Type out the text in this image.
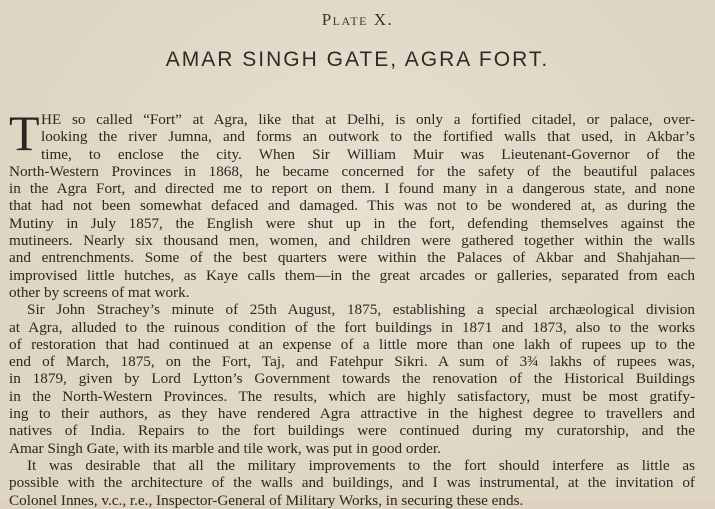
Plate X.
AMAR SINGH GATE, AGRA FORT.
T HE so called “Fort” at Agra, like that at Delhi, is only a fortified citadel, or palace, over-
looking the river Jumna, and forms an outwork to the fortified walls that used, in Akbar’s
time, to enclose the city. When Sir William Muir was Lieutenant-Governor of the
North-Western Provinces in 1868, he became concerned for the safety of the beautiful palaces
in the Agra Fort, and directed me to report on them. I found many in a dangerous state, and none
that had not been somewhat defaced and damaged. This was not to be wondered at, as during the
Mutiny in July 1857, the English were shut up in the fort, defending themselves against the
mutineers. Nearly six thousand men, women, and children were gathered together within the walls
and entrenchments. Some of the best quarters were within the Palaces of Akbar and Shahjahan—
improvised little hutches, as Kaye calls them—in the great arcades or galleries, separated from each
other by screens of mat work.
Sir John Strachey’s minute of 25th August, 1875, establishing a special archæological division
at Agra, alluded to the ruinous condition of the fort buildings in 1871 and 1873, also to the works
of restoration that had continued at an expense of a little more than one lakh of rupees up to the
end of March, 1875, on the Fort, Taj, and Fatehpur Sikri. A sum of 3¾ lakhs of rupees was,
in 1879, given by Lord Lytton’s Government towards the renovation of the Historical Buildings
in the North-Western Provinces. The results, which are highly satisfactory, must be most gratify-
ing to their authors, as they have rendered Agra attractive in the highest degree to travellers and
natives of India. Repairs to the fort buildings were continued during my curatorship, and the
Amar Singh Gate, with its marble and tile work, was put in good order.
It was desirable that all the military improvements to the fort should interfere as little as
possible with the architecture of the walls and buildings, and I was instrumental, at the invitation of
Colonel Innes, v.c., r.e., Inspector-General of Military Works, in securing these ends.
